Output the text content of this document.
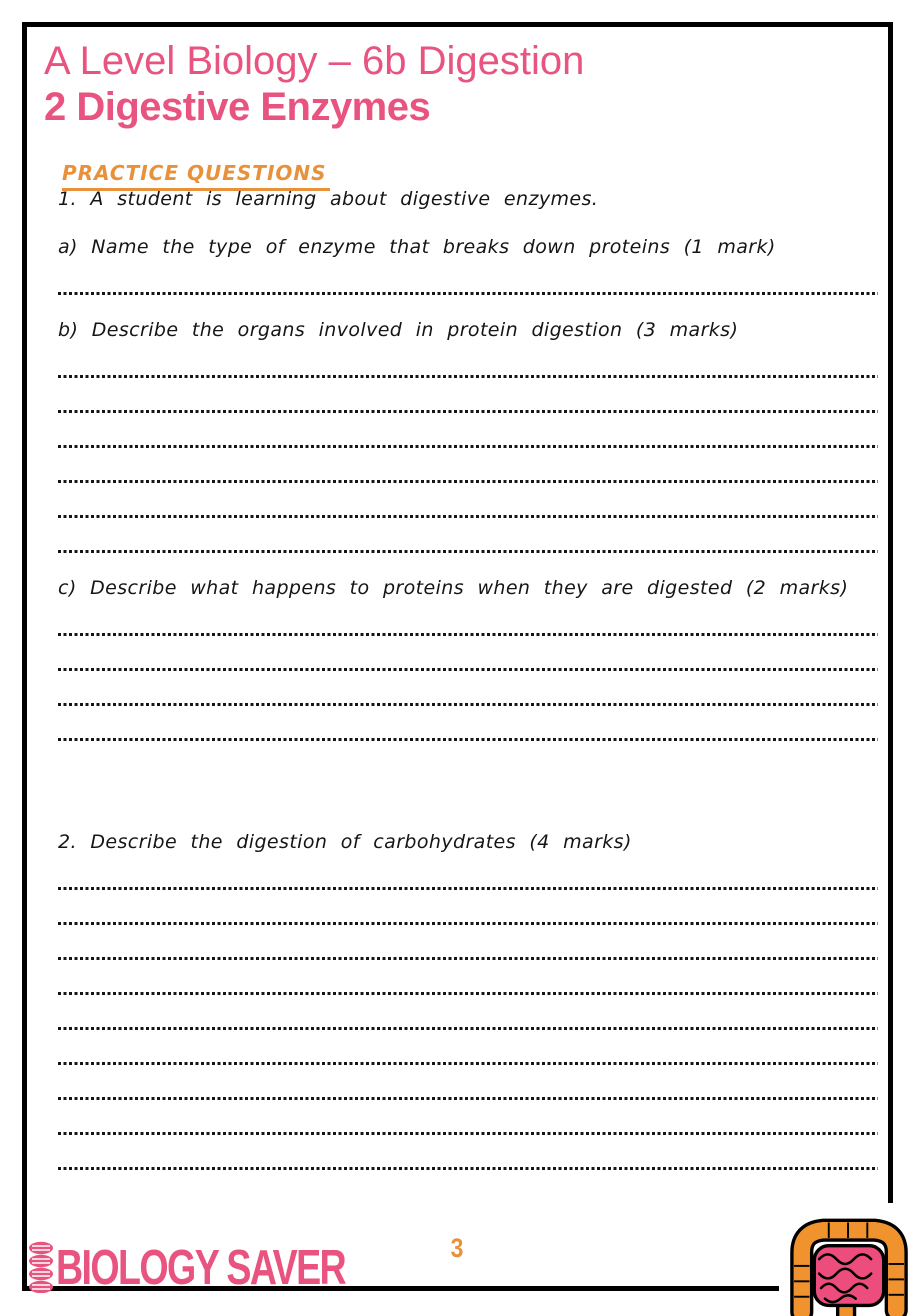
A Level Biology – 6b Digestion
2 Digestive Enzymes

PRACTICE QUESTIONS
1. A student is learning about digestive enzymes.
a) Name the type of enzyme that breaks down proteins (1 mark)
b) Describe the organs involved in protein digestion (3 marks)
c) Describe what happens to proteins when they are digested (2 marks)
2. Describe the digestion of carbohydrates (4 marks)
BIOLOGY SAVER	3
